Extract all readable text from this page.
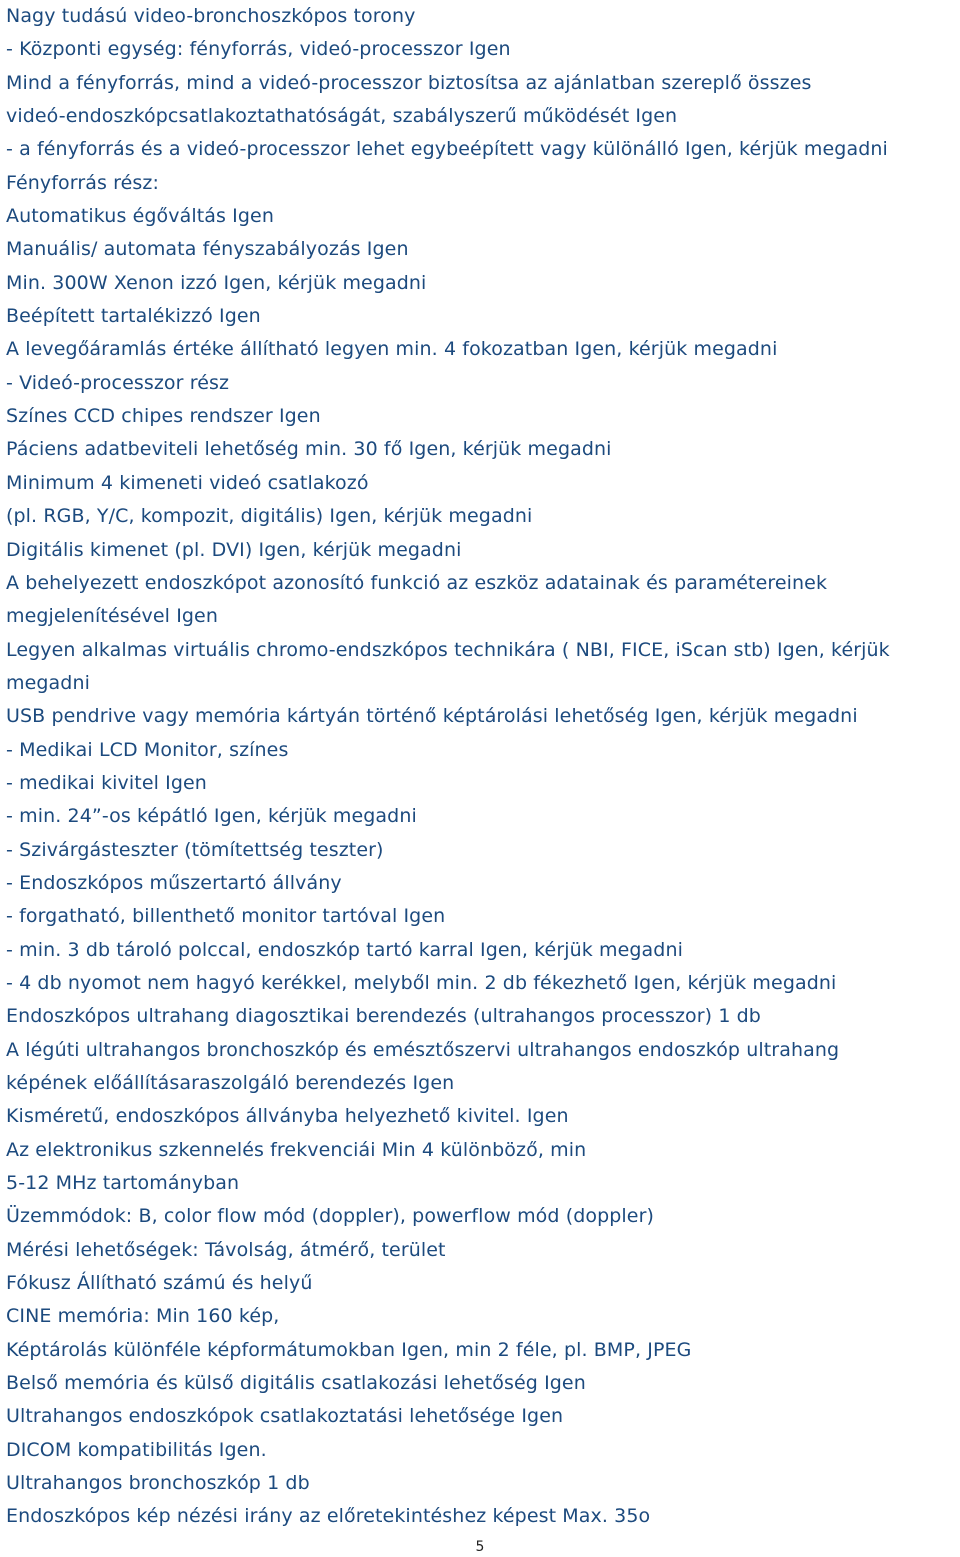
Nagy tudású video-bronchoszkópos torony
- Központi egység: fényforrás, videó-processzor Igen
Mind a fényforrás, mind a videó-processzor biztosítsa az ajánlatban szereplő összes
videó-endoszkópcsatlakoztathatóságát, szabályszerű működését Igen
- a fényforrás és a videó-processzor lehet egybeépített vagy különálló Igen, kérjük megadni
Fényforrás rész:
Automatikus égőváltás Igen
Manuális/ automata fényszabályozás Igen
Min. 300W Xenon izzó Igen, kérjük megadni
Beépített tartalékizzó Igen
A levegőáramlás értéke állítható legyen min. 4 fokozatban Igen, kérjük megadni
- Videó-processzor rész
Színes CCD chipes rendszer Igen
Páciens adatbeviteli lehetőség min. 30 fő Igen, kérjük megadni
Minimum 4 kimeneti videó csatlakozó
(pl. RGB, Y/C, kompozit, digitális) Igen, kérjük megadni
Digitális kimenet (pl. DVI) Igen, kérjük megadni
A behelyezett endoszkópot azonosító funkció az eszköz adatainak és paramétereinek
megjelenítésével Igen
Legyen alkalmas virtuális chromo-endszkópos technikára ( NBI, FICE, iScan stb) Igen, kérjük
megadni
USB pendrive vagy memória kártyán történő képtárolási lehetőség Igen, kérjük megadni
- Medikai LCD Monitor, színes
- medikai kivitel Igen
- min. 24”-os képátló Igen, kérjük megadni
- Szivárgásteszter (tömítettség teszter)
- Endoszkópos műszertartó állvány
- forgatható, billenthető monitor tartóval Igen
- min. 3 db tároló polccal, endoszkóp tartó karral Igen, kérjük megadni
- 4 db nyomot nem hagyó kerékkel, melyből min. 2 db fékezhető Igen, kérjük megadni
Endoszkópos ultrahang diagosztikai berendezés (ultrahangos processzor) 1 db
A légúti ultrahangos bronchoszkóp és emésztőszervi ultrahangos endoszkóp ultrahang
képének előállításaraszolgáló berendezés Igen
Kisméretű, endoszkópos állványba helyezhető kivitel. Igen
Az elektronikus szkennelés frekvenciái Min 4 különböző, min
5-12 MHz tartományban
Üzemmódok: B, color flow mód (doppler), powerflow mód (doppler)
Mérési lehetőségek: Távolság, átmérő, terület
Fókusz Állítható számú és helyű
CINE memória: Min 160 kép,
Képtárolás különféle képformátumokban Igen, min 2 féle, pl. BMP, JPEG
Belső memória és külső digitális csatlakozási lehetőség Igen
Ultrahangos endoszkópok csatlakoztatási lehetősége Igen
DICOM kompatibilitás Igen.
Ultrahangos bronchoszkóp 1 db
Endoszkópos kép nézési irány az előretekintéshez képest Max. 35o
5
